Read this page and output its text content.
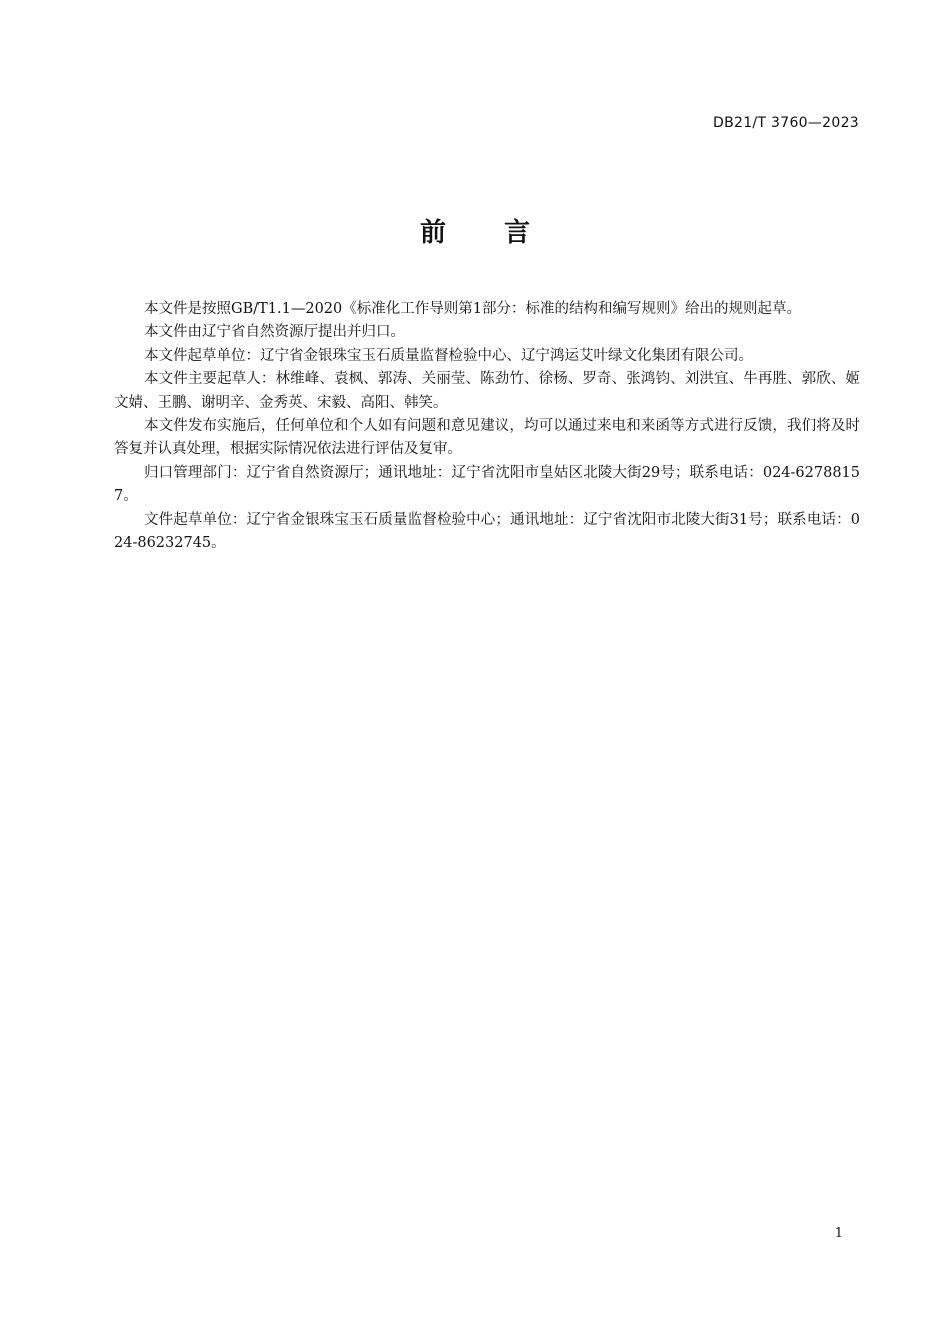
DB21/T 3760—2023
前言

本文件是按照GB/T1.1—2020《标准化工作导则第1部分：标准的结构和编写规则》给出的规则起草。

本文件由辽宁省自然资源厅提出并归口。

本文件起草单位：辽宁省金银珠宝玉石质量监督检验中心、辽宁鸿运艾叶绿文化集团有限公司。

本文件主要起草人：林维峰、袁枫、郭涛、关丽莹、陈劲竹、徐杨、罗奇、张鸿钧、刘洪宜、牛再胜、郭欣、姬文婧、王鹏、谢明辛、金秀英、宋毅、高阳、韩笑。

本文件发布实施后，任何单位和个人如有问题和意见建议，均可以通过来电和来函等方式进行反馈，我们将及时答复并认真处理，根据实际情况依法进行评估及复审。

归口管理部门：辽宁省自然资源厅；通讯地址：辽宁省沈阳市皇姑区北陵大街29号；联系电话：024-62788157。

文件起草单位：辽宁省金银珠宝玉石质量监督检验中心；通讯地址：辽宁省沈阳市北陵大街31号；联系电话：024-86232745。

1
